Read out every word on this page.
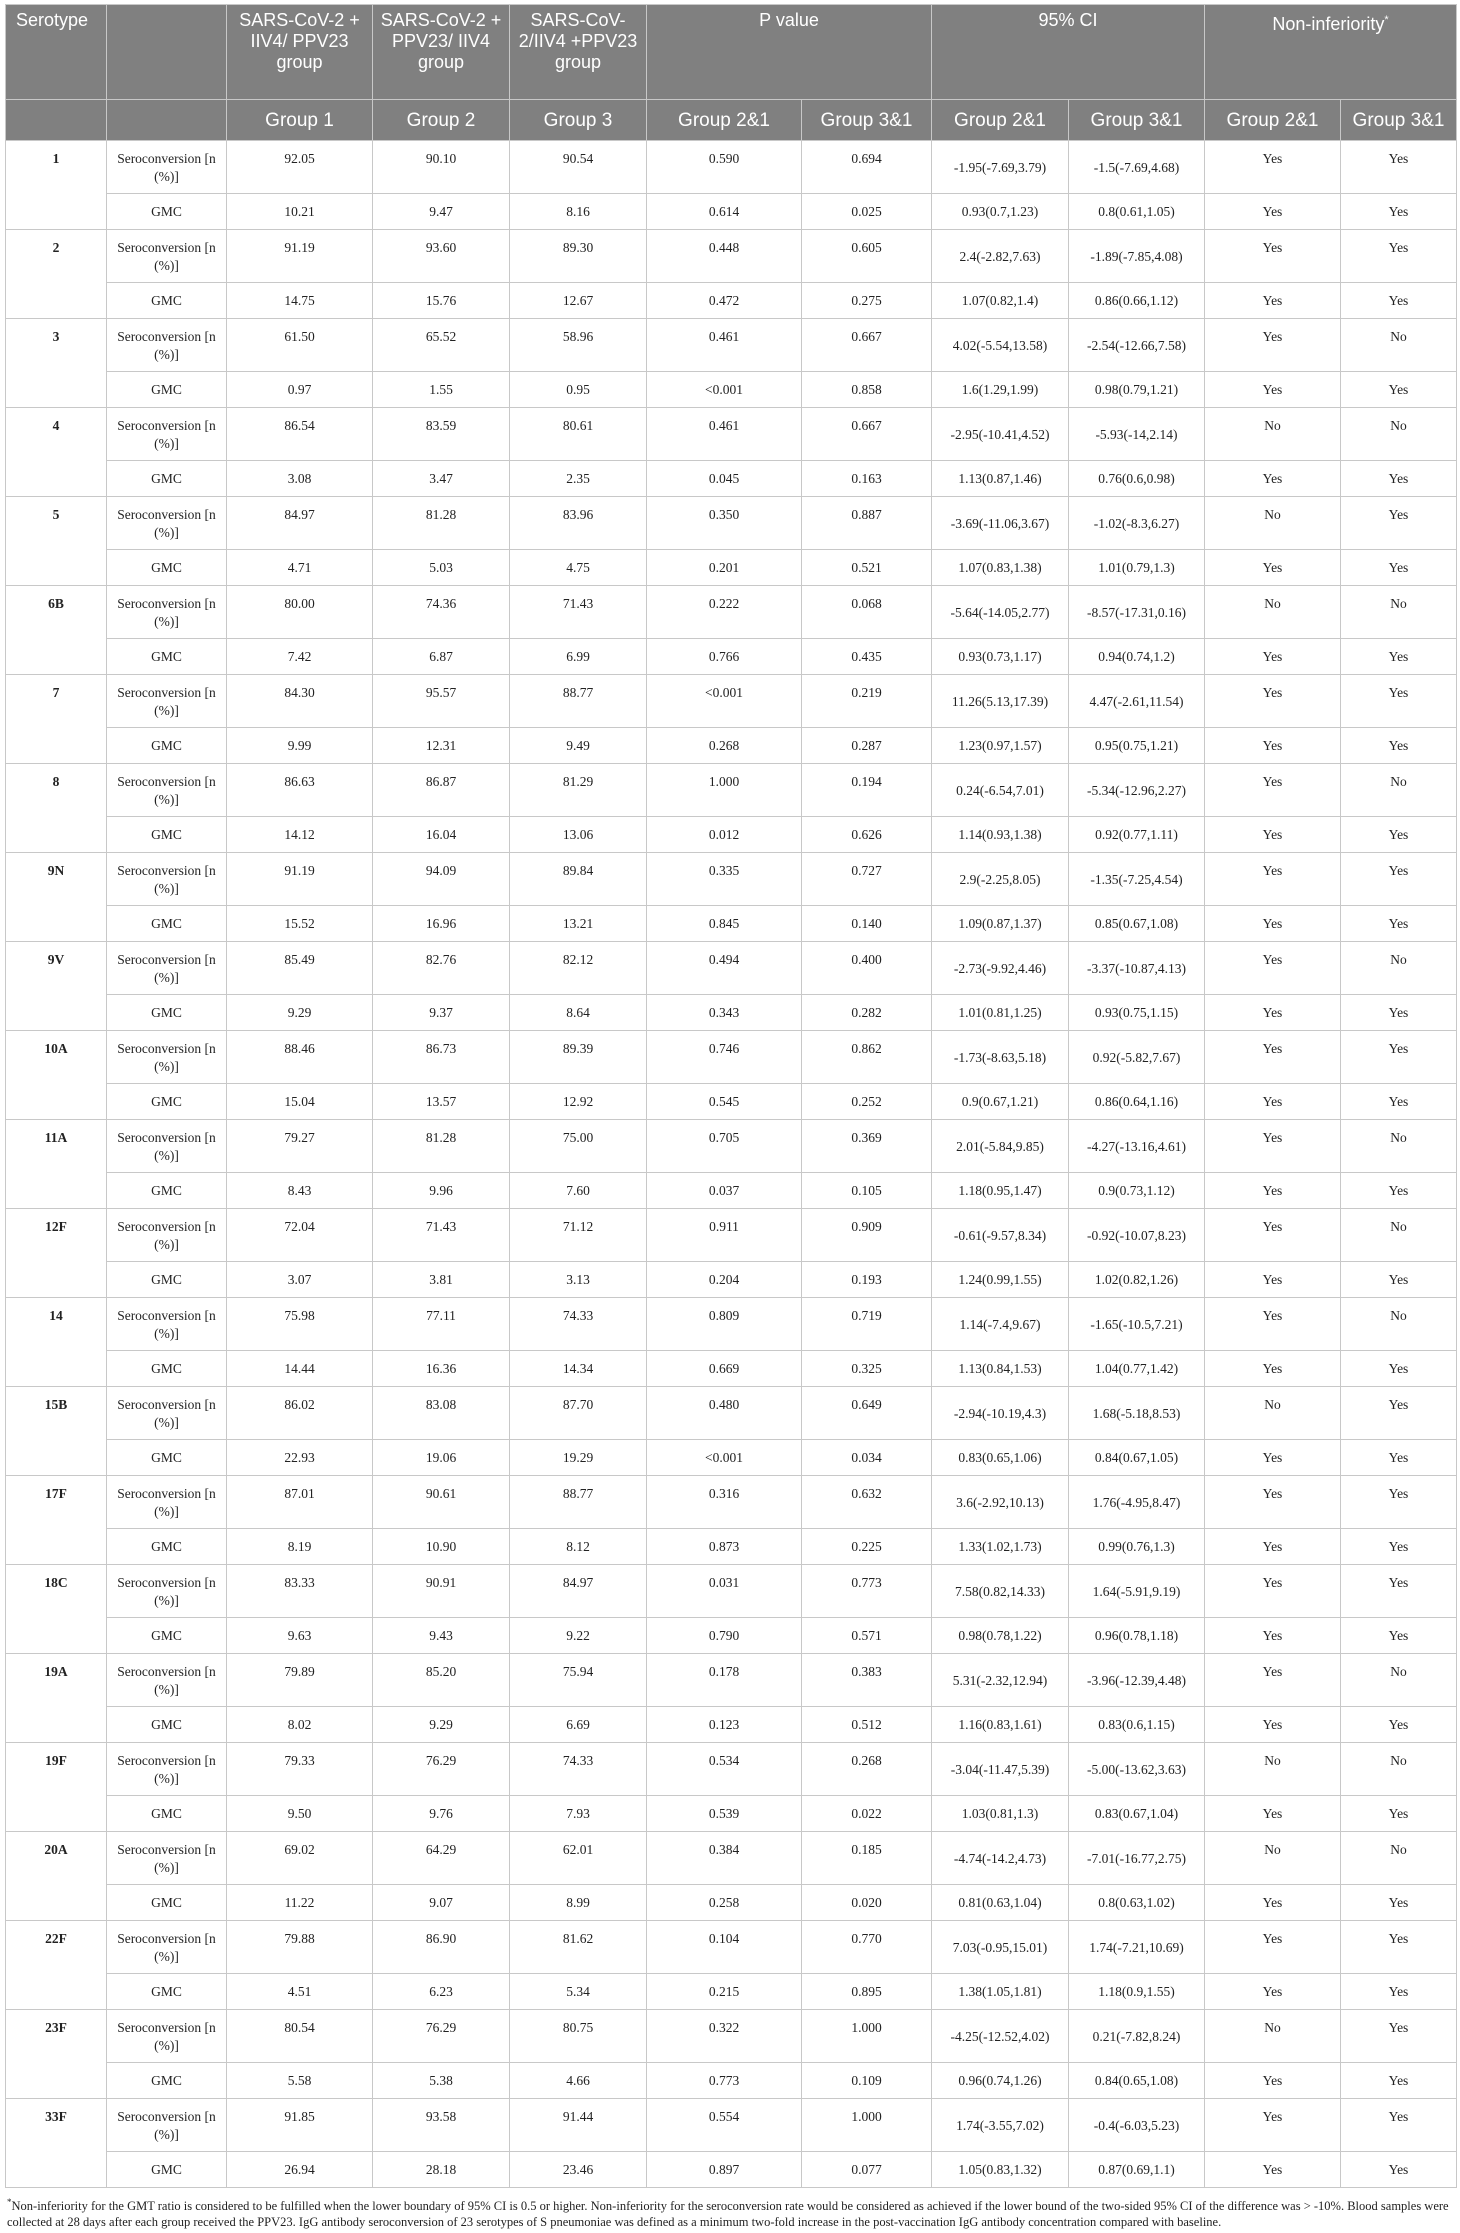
Serotype		SARS-CoV-2 + IIV4/ PPV23 group	SARS-CoV-2 + PPV23/ IIV4 group	SARS-CoV-2/IIV4 +PPV23 group	P value		95% CI		Non-inferiority*
		Group 1	Group 2	Group 3	Group 2&1	Group 3&1	Group 2&1	Group 3&1	Group 2&1	Group 3&1
1	Seroconversion [n (%)]	92.05	90.10	90.54	0.590	0.694	-1.95(-7.69,3.79)	-1.5(-7.69,4.68)	Yes	Yes
	GMC	10.21	9.47	8.16	0.614	0.025	0.93(0.7,1.23)	0.8(0.61,1.05)	Yes	Yes
2	Seroconversion [n (%)]	91.19	93.60	89.30	0.448	0.605	2.4(-2.82,7.63)	-1.89(-7.85,4.08)	Yes	Yes
	GMC	14.75	15.76	12.67	0.472	0.275	1.07(0.82,1.4)	0.86(0.66,1.12)	Yes	Yes
3	Seroconversion [n (%)]	61.50	65.52	58.96	0.461	0.667	4.02(-5.54,13.58)	-2.54(-12.66,7.58)	Yes	No
	GMC	0.97	1.55	0.95	<0.001	0.858	1.6(1.29,1.99)	0.98(0.79,1.21)	Yes	Yes
4	Seroconversion [n (%)]	86.54	83.59	80.61	0.461	0.667	-2.95(-10.41,4.52)	-5.93(-14,2.14)	No	No
	GMC	3.08	3.47	2.35	0.045	0.163	1.13(0.87,1.46)	0.76(0.6,0.98)	Yes	Yes
5	Seroconversion [n (%)]	84.97	81.28	83.96	0.350	0.887	-3.69(-11.06,3.67)	-1.02(-8.3,6.27)	No	Yes
	GMC	4.71	5.03	4.75	0.201	0.521	1.07(0.83,1.38)	1.01(0.79,1.3)	Yes	Yes
6B	Seroconversion [n (%)]	80.00	74.36	71.43	0.222	0.068	-5.64(-14.05,2.77)	-8.57(-17.31,0.16)	No	No
	GMC	7.42	6.87	6.99	0.766	0.435	0.93(0.73,1.17)	0.94(0.74,1.2)	Yes	Yes
7	Seroconversion [n (%)]	84.30	95.57	88.77	<0.001	0.219	11.26(5.13,17.39)	4.47(-2.61,11.54)	Yes	Yes
	GMC	9.99	12.31	9.49	0.268	0.287	1.23(0.97,1.57)	0.95(0.75,1.21)	Yes	Yes
8	Seroconversion [n (%)]	86.63	86.87	81.29	1.000	0.194	0.24(-6.54,7.01)	-5.34(-12.96,2.27)	Yes	No
	GMC	14.12	16.04	13.06	0.012	0.626	1.14(0.93,1.38)	0.92(0.77,1.11)	Yes	Yes
9N	Seroconversion [n (%)]	91.19	94.09	89.84	0.335	0.727	2.9(-2.25,8.05)	-1.35(-7.25,4.54)	Yes	Yes
	GMC	15.52	16.96	13.21	0.845	0.140	1.09(0.87,1.37)	0.85(0.67,1.08)	Yes	Yes
9V	Seroconversion [n (%)]	85.49	82.76	82.12	0.494	0.400	-2.73(-9.92,4.46)	-3.37(-10.87,4.13)	Yes	No
	GMC	9.29	9.37	8.64	0.343	0.282	1.01(0.81,1.25)	0.93(0.75,1.15)	Yes	Yes
10A	Seroconversion [n (%)]	88.46	86.73	89.39	0.746	0.862	-1.73(-8.63,5.18)	0.92(-5.82,7.67)	Yes	Yes
	GMC	15.04	13.57	12.92	0.545	0.252	0.9(0.67,1.21)	0.86(0.64,1.16)	Yes	Yes
11A	Seroconversion [n (%)]	79.27	81.28	75.00	0.705	0.369	2.01(-5.84,9.85)	-4.27(-13.16,4.61)	Yes	No
	GMC	8.43	9.96	7.60	0.037	0.105	1.18(0.95,1.47)	0.9(0.73,1.12)	Yes	Yes
12F	Seroconversion [n (%)]	72.04	71.43	71.12	0.911	0.909	-0.61(-9.57,8.34)	-0.92(-10.07,8.23)	Yes	No
	GMC	3.07	3.81	3.13	0.204	0.193	1.24(0.99,1.55)	1.02(0.82,1.26)	Yes	Yes
14	Seroconversion [n (%)]	75.98	77.11	74.33	0.809	0.719	1.14(-7.4,9.67)	-1.65(-10.5,7.21)	Yes	No
	GMC	14.44	16.36	14.34	0.669	0.325	1.13(0.84,1.53)	1.04(0.77,1.42)	Yes	Yes
15B	Seroconversion [n (%)]	86.02	83.08	87.70	0.480	0.649	-2.94(-10.19,4.3)	1.68(-5.18,8.53)	No	Yes
	GMC	22.93	19.06	19.29	<0.001	0.034	0.83(0.65,1.06)	0.84(0.67,1.05)	Yes	Yes
17F	Seroconversion [n (%)]	87.01	90.61	88.77	0.316	0.632	3.6(-2.92,10.13)	1.76(-4.95,8.47)	Yes	Yes
	GMC	8.19	10.90	8.12	0.873	0.225	1.33(1.02,1.73)	0.99(0.76,1.3)	Yes	Yes
18C	Seroconversion [n (%)]	83.33	90.91	84.97	0.031	0.773	7.58(0.82,14.33)	1.64(-5.91,9.19)	Yes	Yes
	GMC	9.63	9.43	9.22	0.790	0.571	0.98(0.78,1.22)	0.96(0.78,1.18)	Yes	Yes
19A	Seroconversion [n (%)]	79.89	85.20	75.94	0.178	0.383	5.31(-2.32,12.94)	-3.96(-12.39,4.48)	Yes	No
	GMC	8.02	9.29	6.69	0.123	0.512	1.16(0.83,1.61)	0.83(0.6,1.15)	Yes	Yes
19F	Seroconversion [n (%)]	79.33	76.29	74.33	0.534	0.268	-3.04(-11.47,5.39)	-5.00(-13.62,3.63)	No	No
	GMC	9.50	9.76	7.93	0.539	0.022	1.03(0.81,1.3)	0.83(0.67,1.04)	Yes	Yes
20A	Seroconversion [n (%)]	69.02	64.29	62.01	0.384	0.185	-4.74(-14.2,4.73)	-7.01(-16.77,2.75)	No	No
	GMC	11.22	9.07	8.99	0.258	0.020	0.81(0.63,1.04)	0.8(0.63,1.02)	Yes	Yes
22F	Seroconversion [n (%)]	79.88	86.90	81.62	0.104	0.770	7.03(-0.95,15.01)	1.74(-7.21,10.69)	Yes	Yes
	GMC	4.51	6.23	5.34	0.215	0.895	1.38(1.05,1.81)	1.18(0.9,1.55)	Yes	Yes
23F	Seroconversion [n (%)]	80.54	76.29	80.75	0.322	1.000	-4.25(-12.52,4.02)	0.21(-7.82,8.24)	No	Yes
	GMC	5.58	5.38	4.66	0.773	0.109	0.96(0.74,1.26)	0.84(0.65,1.08)	Yes	Yes
33F	Seroconversion [n (%)]	91.85	93.58	91.44	0.554	1.000	1.74(-3.55,7.02)	-0.4(-6.03,5.23)	Yes	Yes
	GMC	26.94	28.18	23.46	0.897	0.077	1.05(0.83,1.32)	0.87(0.69,1.1)	Yes	Yes
*Non-inferiority for the GMT ratio is considered to be fulfilled when the lower boundary of 95% CI is 0.5 or higher. Non-inferiority for the seroconversion rate would be considered as achieved if the lower bound of the two-sided 95% CI of the difference was > -10%. Blood samples were collected at 28 days after each group received the PPV23. IgG antibody seroconversion of 23 serotypes of S pneumoniae was defined as a minimum two-fold increase in the post-vaccination IgG antibody concentration compared with baseline.
